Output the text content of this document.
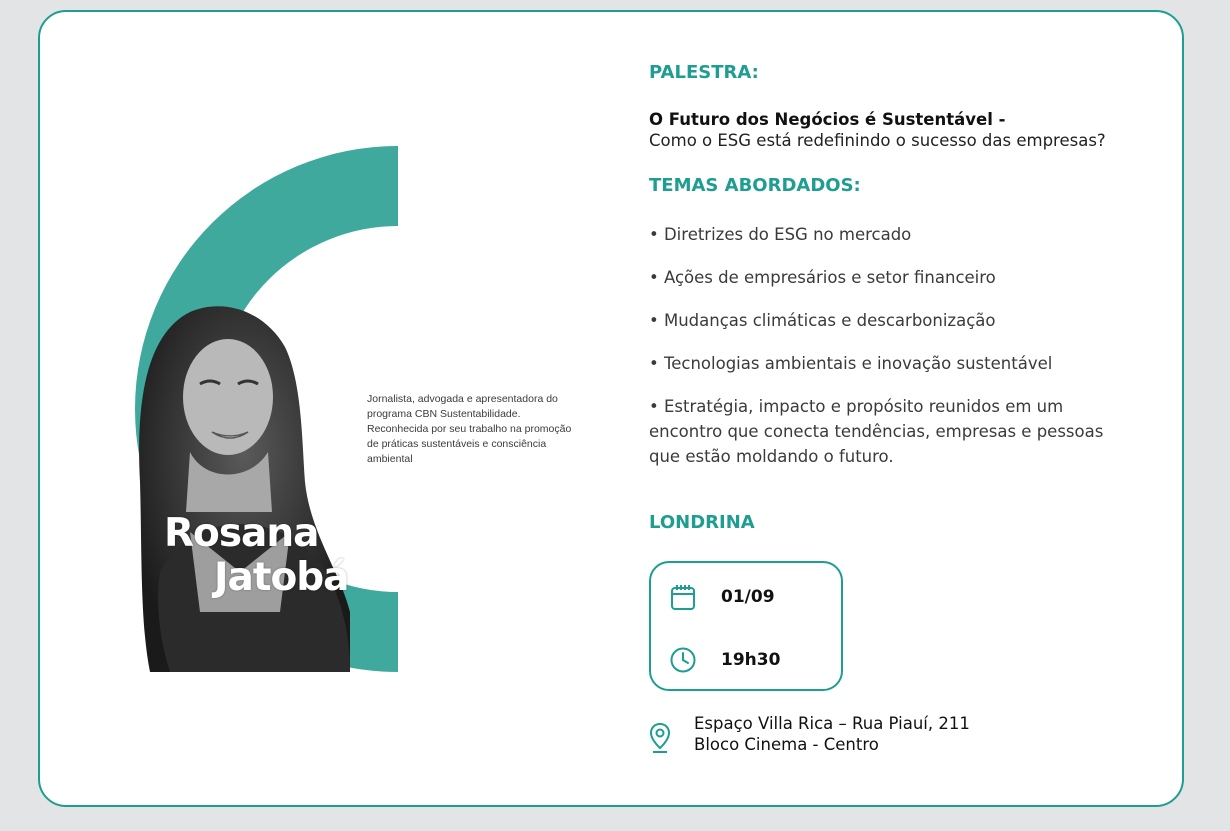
Jornalista, advogada e apresentadora do programa CBN Sustentabilidade. Reconhecida por seu trabalho na promoção de práticas sustentáveis e consciência ambiental
Rosana
Jatobá
PALESTRA:
O Futuro dos Negócios é Sustentável -
Como o ESG está redefinindo o sucesso das empresas?
TEMAS ABORDADOS:
• Diretrizes do ESG no mercado
• Ações de empresários e setor financeiro
• Mudanças climáticas e descarbonização
• Tecnologias ambientais e inovação sustentável
• Estratégia, impacto e propósito reunidos em um encontro que conecta tendências, empresas e pessoas que estão moldando o futuro.
LONDRINA
01/09
19h30
Espaço Villa Rica – Rua Piauí, 211
Bloco Cinema - Centro
